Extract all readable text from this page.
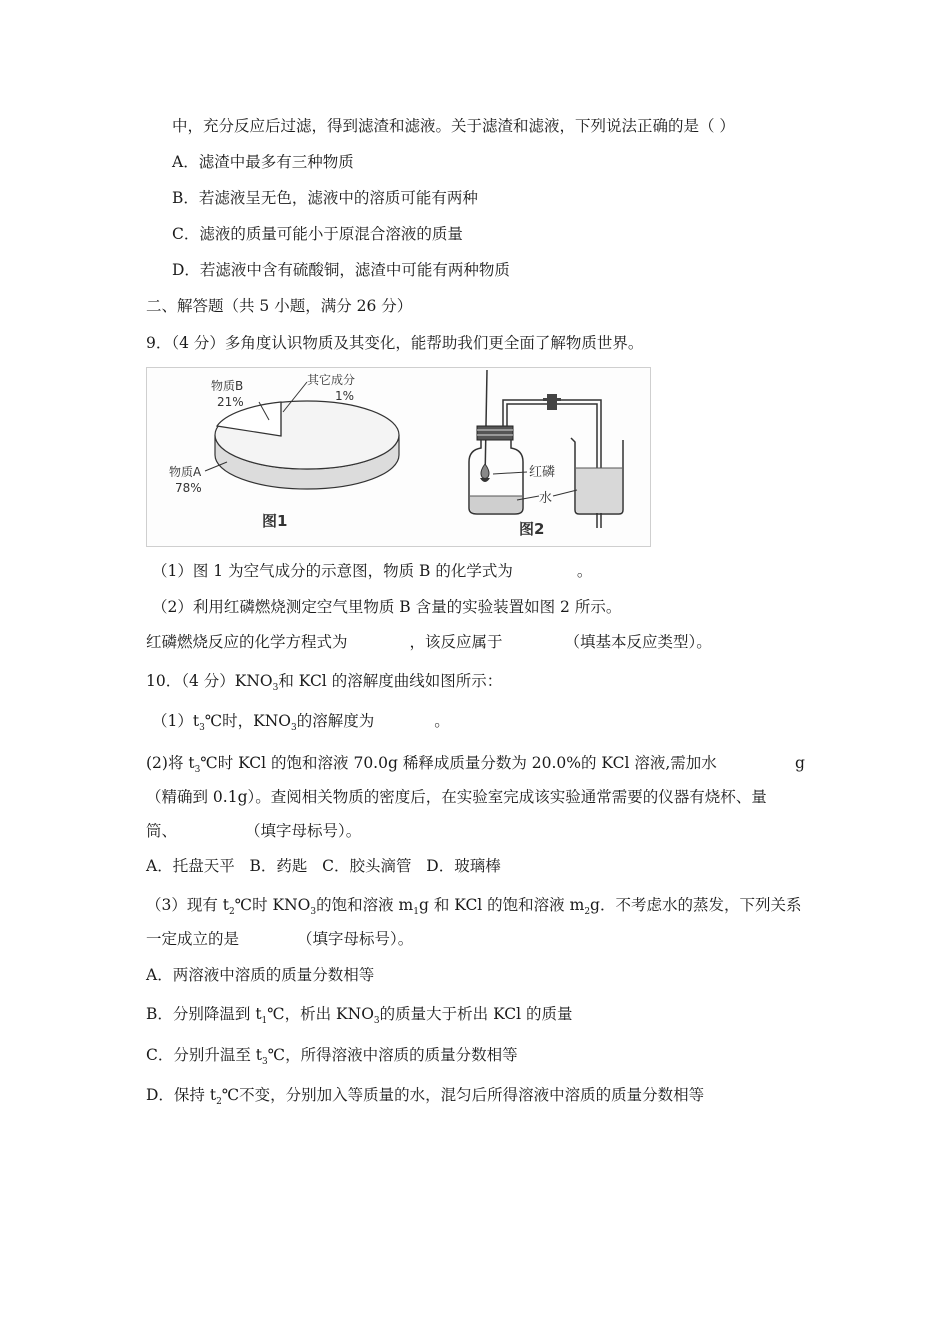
中，充分反应后过滤，得到滤渣和滤液。关于滤渣和滤液，下列说法正确的是（ ）
A．滤渣中最多有三种物质
B．若滤液呈无色，滤液中的溶质可能有两种
C．滤液的质量可能小于原混合溶液的质量
D．若滤液中含有硫酸铜，滤渣中可能有两种物质
二、解答题（共 5 小题，满分 26 分）
9．（4 分）多角度认识物质及其变化，能帮助我们更全面了解物质世界。
物质B
21%
其它成分
1%
物质A
78%
图1
红磷
水
图2
（1）图 1 为空气成分的示意图，物质 B 的化学式为	。
（2）利用红磷燃烧测定空气里物质 B 含量的实验装置如图 2 所示。
红磷燃烧反应的化学方程式为	，该反应属于	（填基本反应类型）。
10．（4 分）$KNO_3$和 KCl 的溶解度曲线如图所示：
$(1)t_3℃$时，$KNO_3$的溶解度为	。
(2)将 $t_3℃$时 KCl 的饱和溶液 70.0g 稀释成质量分数为 20.0%的 KCl 溶液,需加水	g
（精确到 0.1g）。查阅相关物质的密度后，在实验室完成该实验通常需要的仪器有烧杯、量
筒、	（填字母标号）。
A．托盘天平   B．药匙   C．胶头滴管   D．玻璃棒
（3）现有 $t_2℃$时 $KNO_3$的饱和溶液 $m_1g$ 和 KCl 的饱和溶液 $m_2g$．不考虑水的蒸发，下列关系
一定成立的是	（填字母标号）。
A．两溶液中溶质的质量分数相等
B．分别降温到 $t_1℃$，析出 $KNO_3$的质量大于析出 KCl 的质量
C．分别升温至 $t_3℃$，所得溶液中溶质的质量分数相等
D．保持 $t_2℃$不变，分别加入等质量的水，混匀后所得溶液中溶质的质量分数相等
